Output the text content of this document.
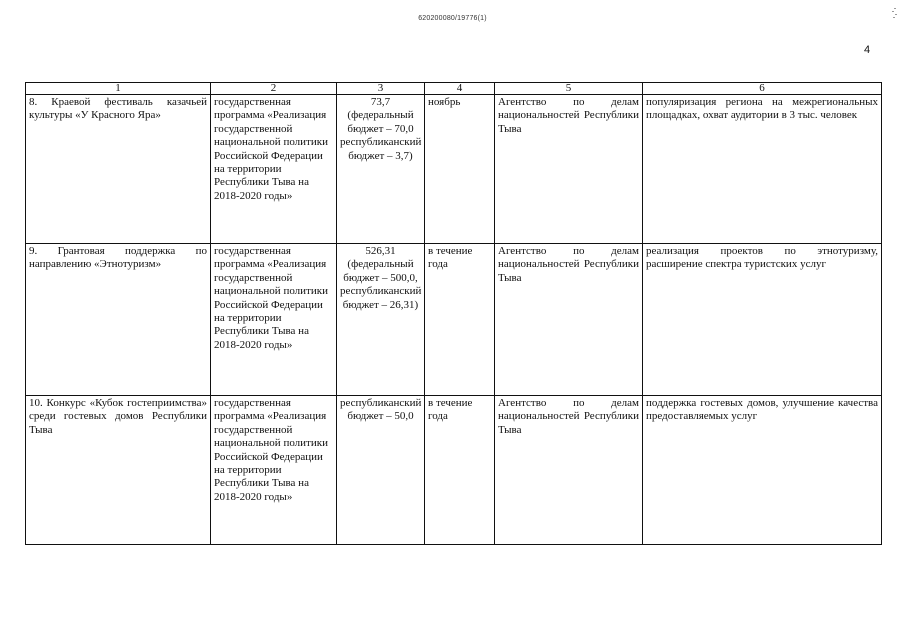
620200080/19776(1)
4
1	2	3	4	5	6
8. Краевой фестиваль казачьей культуры «У Красного Яра»	государственная программа «Реализация государственной национальной политики Российской Федерации на территории Республики Тыва на 2018-2020 годы»	73,7 (федеральный бюджет – 70,0 республиканский бюджет – 3,7)	ноябрь	Агентство по делам национальностей Республики Тыва	популяризация региона на межрегиональных площадках, охват аудитории в 3 тыс. человек
9. Грантовая поддержка по направлению «Этнотуризм»	государственная программа «Реализация государственной национальной политики Российской Федерации на территории Республики Тыва на 2018-2020 годы»	526,31 (федеральный бюджет – 500,0, республиканский бюджет – 26,31)	в течение года	Агентство по делам национальностей Республики Тыва	реализация проектов по этнотуризму, расширение спектра туристских услуг
10. Конкурс «Кубок гостеприимства» среди гостевых домов Республики Тыва	государственная программа «Реализация государственной национальной политики Российской Федерации на территории Республики Тыва на 2018-2020 годы»	республиканский бюджет – 50,0	в течение года	Агентство по делам национальностей Республики Тыва	поддержка гостевых домов, улучшение качества предоставляемых услуг
